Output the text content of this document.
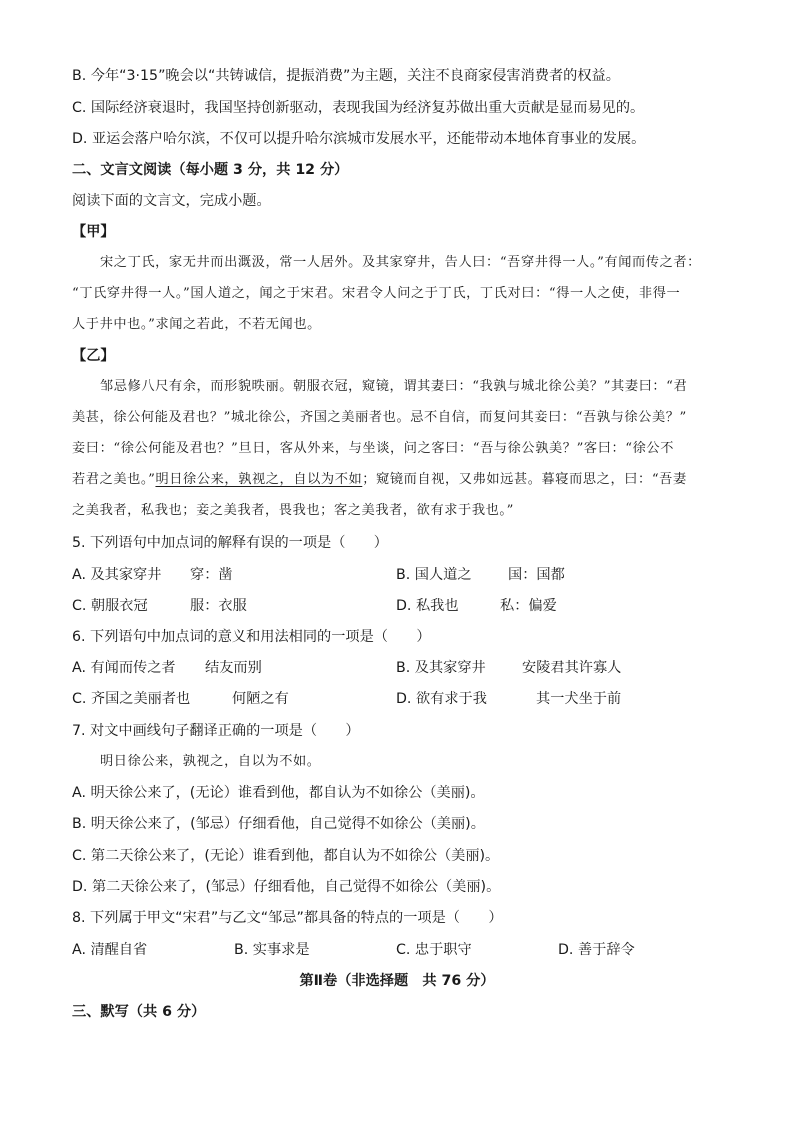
B. 今年“3·15”晚会以“共铸诚信，提振消费”为主题，关注不良商家侵害消费者的权益。
C. 国际经济衰退时，我国坚持创新驱动，表现我国为经济复苏做出重大贡献是显而易见的。
D. 亚运会落户哈尔滨，不仅可以提升哈尔滨城市发展水平，还能带动本地体育事业的发展。
二、文言文阅读（每小题 3 分，共 12 分）
阅读下面的文言文，完成小题。
【甲】
宋之丁氏，家无井而出溉汲，常一人居外。及其家穿井，告人曰：“吾穿井得一人。”有闻而传之者：
“丁氏穿井得一人。”国人道之，闻之于宋君。宋君令人问之于丁氏，丁氏对曰：“得一人之使，非得一
人于井中也。”求闻之若此，不若无闻也。
【乙】
邹忌修八尺有余，而形貌昳丽。朝服衣冠，窥镜，谓其妻曰：“我孰与城北徐公美？”其妻曰：“君
美甚，徐公何能及君也？”城北徐公，齐国之美丽者也。忌不自信，而复问其妾曰：“吾孰与徐公美？”
妾曰：“徐公何能及君也？”旦日，客从外来，与坐谈，问之客曰：“吾与徐公孰美？”客曰：“徐公不
若君之美也。”明日徐公来，孰视之，自以为不如；窥镜而自视，又弗如远甚。暮寝而思之，曰：“吾妻
之美我者，私我也；妾之美我者，畏我也；客之美我者，欲有求于我也。”
5. 下列语句中加点词的解释有误的一项是（　　）
A. 及其家穿井 穿：凿	B. 国人道之	国：国都
C. 朝服衣冠	服：衣服	D. 私我也	私：偏爱
6. 下列语句中加点词的意义和用法相同的一项是（　　）
A. 有闻而传之者 结友而别	B. 及其家穿井	安陵君其许寡人
C. 齐国之美丽者也	何陋之有	D. 欲有求于我	其一犬坐于前
7. 对文中画线句子翻译正确的一项是（　　）
明日徐公来，孰视之，自以为不如。
A. 明天徐公来了，(无论）谁看到他，都自认为不如徐公（美丽)。
B. 明天徐公来了，(邹忌）仔细看他，自己觉得不如徐公（美丽)。
C. 第二天徐公来了，(无论）谁看到他，都自认为不如徐公（美丽)。
D. 第二天徐公来了，(邹忌）仔细看他，自己觉得不如徐公（美丽)。
8. 下列属于甲文“宋君”与乙文“邹忌”都具备的特点的一项是（　　）
A. 清醒自省	B. 实事求是	C. 忠于职守	D. 善于辞令
第Ⅱ卷（非选择题　共 76 分）
三、默写（共 6 分）
